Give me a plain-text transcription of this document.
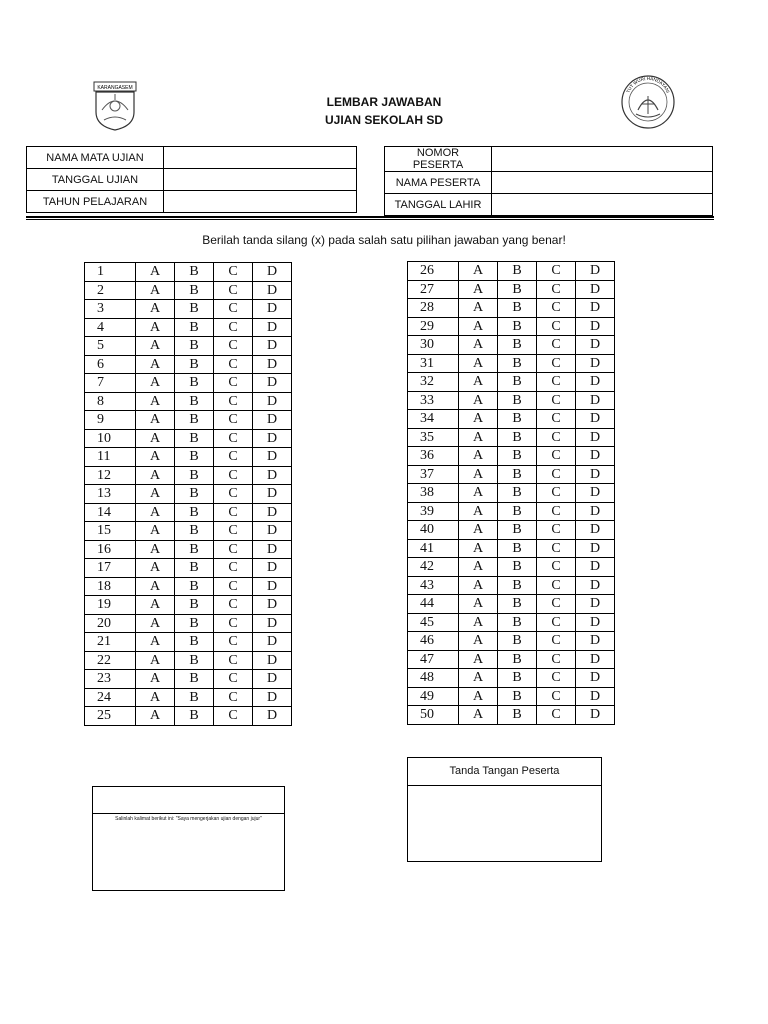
KARANGASEM
TUT WURI HANDAYANI
LEMBAR JAWABAN
UJIAN SEKOLAH SD
NAMA MATA UJIAN	
TANGGAL UJIAN	
TAHUN PELAJARAN	
NOMOR PESERTA	
NAMA PESERTA	
TANGGAL LAHIR	
Berilah tanda silang (x) pada salah satu pilihan jawaban yang benar!
1	A	B	C	D
2	A	B	C	D
3	A	B	C	D
4	A	B	C	D
5	A	B	C	D
6	A	B	C	D
7	A	B	C	D
8	A	B	C	D
9	A	B	C	D
10	A	B	C	D
11	A	B	C	D
12	A	B	C	D
13	A	B	C	D
14	A	B	C	D
15	A	B	C	D
16	A	B	C	D
17	A	B	C	D
18	A	B	C	D
19	A	B	C	D
20	A	B	C	D
21	A	B	C	D
22	A	B	C	D
23	A	B	C	D
24	A	B	C	D
25	A	B	C	D
26	A	B	C	D
27	A	B	C	D
28	A	B	C	D
29	A	B	C	D
30	A	B	C	D
31	A	B	C	D
32	A	B	C	D
33	A	B	C	D
34	A	B	C	D
35	A	B	C	D
36	A	B	C	D
37	A	B	C	D
38	A	B	C	D
39	A	B	C	D
40	A	B	C	D
41	A	B	C	D
42	A	B	C	D
43	A	B	C	D
44	A	B	C	D
45	A	B	C	D
46	A	B	C	D
47	A	B	C	D
48	A	B	C	D
49	A	B	C	D
50	A	B	C	D
Salinlah kalimat berikut ini: "Saya mengerjakan ujian dengan jujur"
Tanda Tangan Peserta
